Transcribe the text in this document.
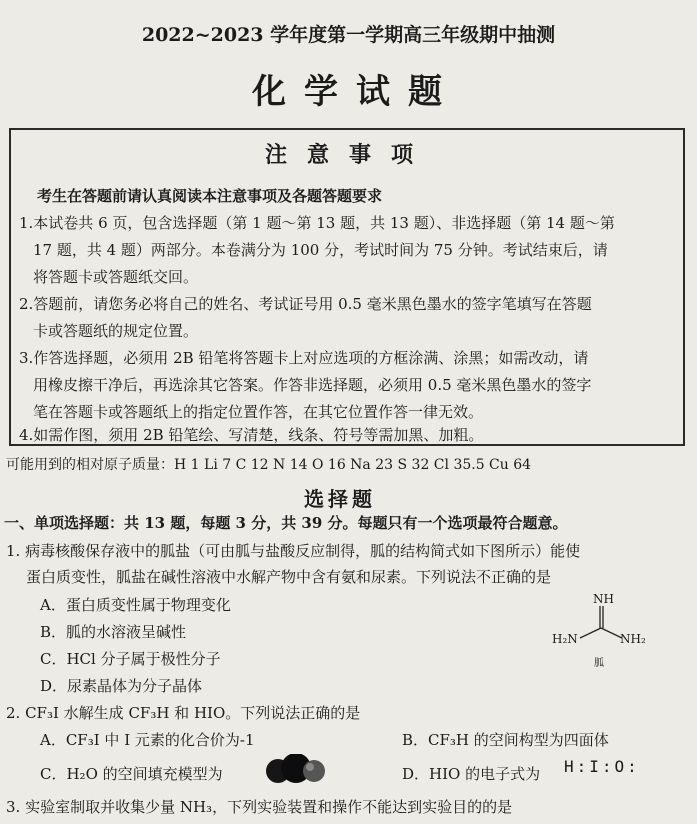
2022~2023 学年度第一学期高三年级期中抽测
化学试题
注意事项
考生在答题前请认真阅读本注意事项及各题答题要求
1.本试卷共 6 页，包含选择题（第 1 题～第 13 题，共 13 题）、非选择题（第 14 题～第
17 题，共 4 题）两部分。本卷满分为 100 分，考试时间为 75 分钟。考试结束后，请
将答题卡或答题纸交回。
2.答题前，请您务必将自己的姓名、考试证号用 0.5 毫米黑色墨水的签字笔填写在答题
卡或答题纸的规定位置。
3.作答选择题，必须用 2B 铅笔将答题卡上对应选项的方框涂满、涂黑；如需改动，请
用橡皮擦干净后，再选涂其它答案。作答非选择题，必须用 0.5 毫米黑色墨水的签字
笔在答题卡或答题纸上的指定位置作答，在其它位置作答一律无效。
4.如需作图，须用 2B 铅笔绘、写清楚，线条、符号等需加黑、加粗。
可能用到的相对原子质量：H 1 Li 7 C 12 N 14 O 16 Na 23 S 32 Cl 35.5 Cu 64
选择题
一、单项选择题：共 13 题，每题 3 分，共 39 分。每题只有一个选项最符合题意。
1. 病毒核酸保存液中的胍盐（可由胍与盐酸反应制得，胍的结构简式如下图所示）能使
蛋白质变性，胍盐在碱性溶液中水解产物中含有氨和尿素。下列说法不正确的是
A．蛋白质变性属于物理变化
B．胍的水溶液呈碱性
C．HCl 分子属于极性分子
D．尿素晶体为分子晶体
NH
H₂N	NH₂
胍
2. CF₃I 水解生成 CF₃H 和 HIO。下列说法正确的是
A．CF₃I 中 I 元素的化合价为-1	B．CF₃H 的空间构型为四面体
C．H₂O 的空间填充模型为	D．HIO 的电子式为 H:I:O:
3. 实验室制取并收集少量 NH₃，下列实验装置和操作不能达到实验目的的是
